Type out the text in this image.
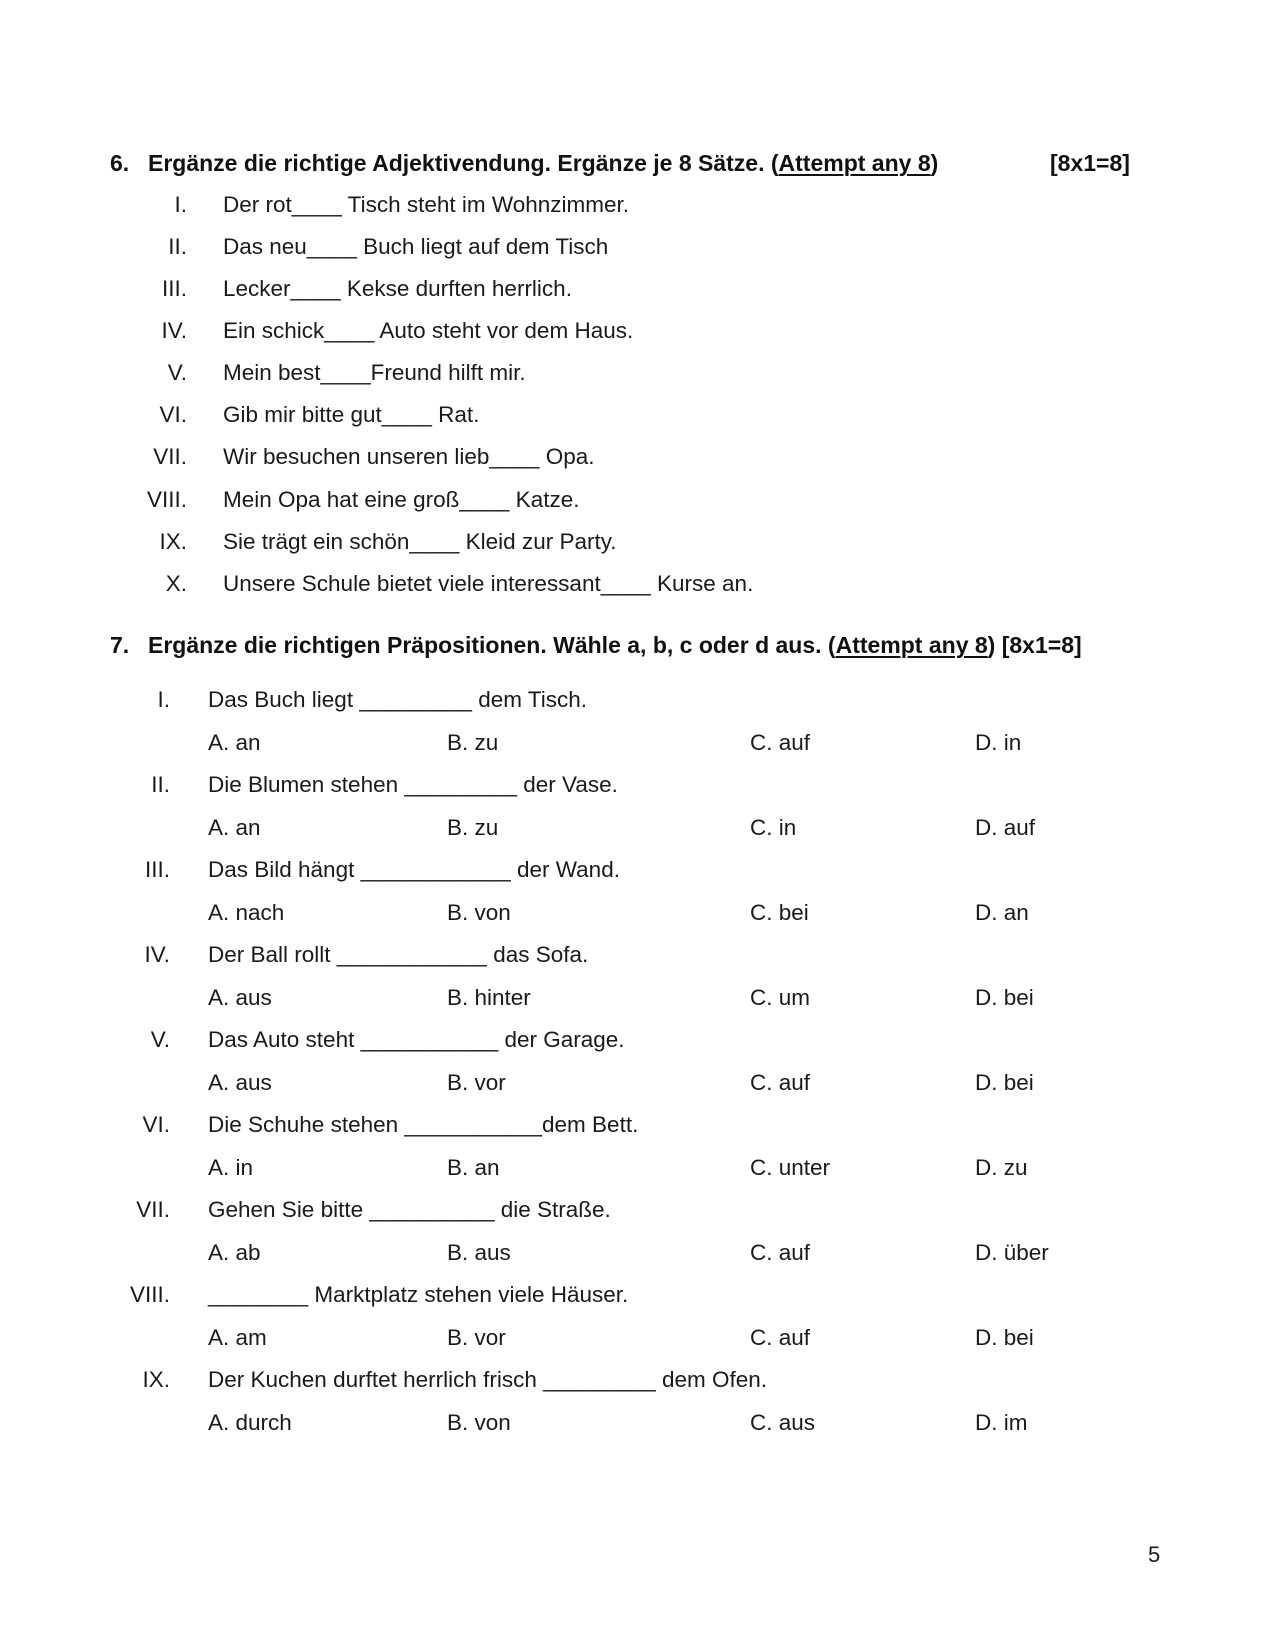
6. Ergänze die richtige Adjektivendung. Ergänze je 8 Sätze. (Attempt any 8)	[8x1=8]
I. Der rot____ Tisch steht im Wohnzimmer.
II. Das neu____ Buch liegt auf dem Tisch
III. Lecker____ Kekse durften herrlich.
IV. Ein schick____ Auto steht vor dem Haus.
V. Mein best____Freund hilft mir.
VI. Gib mir bitte gut____ Rat.
VII. Wir besuchen unseren lieb____ Opa.
VIII. Mein Opa hat eine groß____ Katze.
IX. Sie trägt ein schön____ Kleid zur Party.
X. Unsere Schule bietet viele interessant____ Kurse an.
7. Ergänze die richtigen Präpositionen. Wähle a, b, c oder d aus. (Attempt any 8) [8x1=8]
I. Das Buch liegt _________ dem Tisch.
A. an	B. zu	C. auf	D. in
II. Die Blumen stehen _________ der Vase.
A. an	B. zu	C. in	D. auf
III. Das Bild hängt ____________ der Wand.
A. nach	B. von	C. bei	D. an
IV. Der Ball rollt ____________ das Sofa.
A. aus	B. hinter	C. um	D. bei
V. Das Auto steht ___________ der Garage.
A. aus	B. vor	C. auf	D. bei
VI. Die Schuhe stehen ___________dem Bett.
A. in	B. an	C. unter	D. zu
VII. Gehen Sie bitte __________ die Straße.
A. ab	B. aus	C. auf	D. über
VIII. ________ Marktplatz stehen viele Häuser.
A. am	B. vor	C. auf	D. bei
IX. Der Kuchen durftet herrlich frisch _________ dem Ofen.
A. durch	B. von	C. aus	D. im
5
